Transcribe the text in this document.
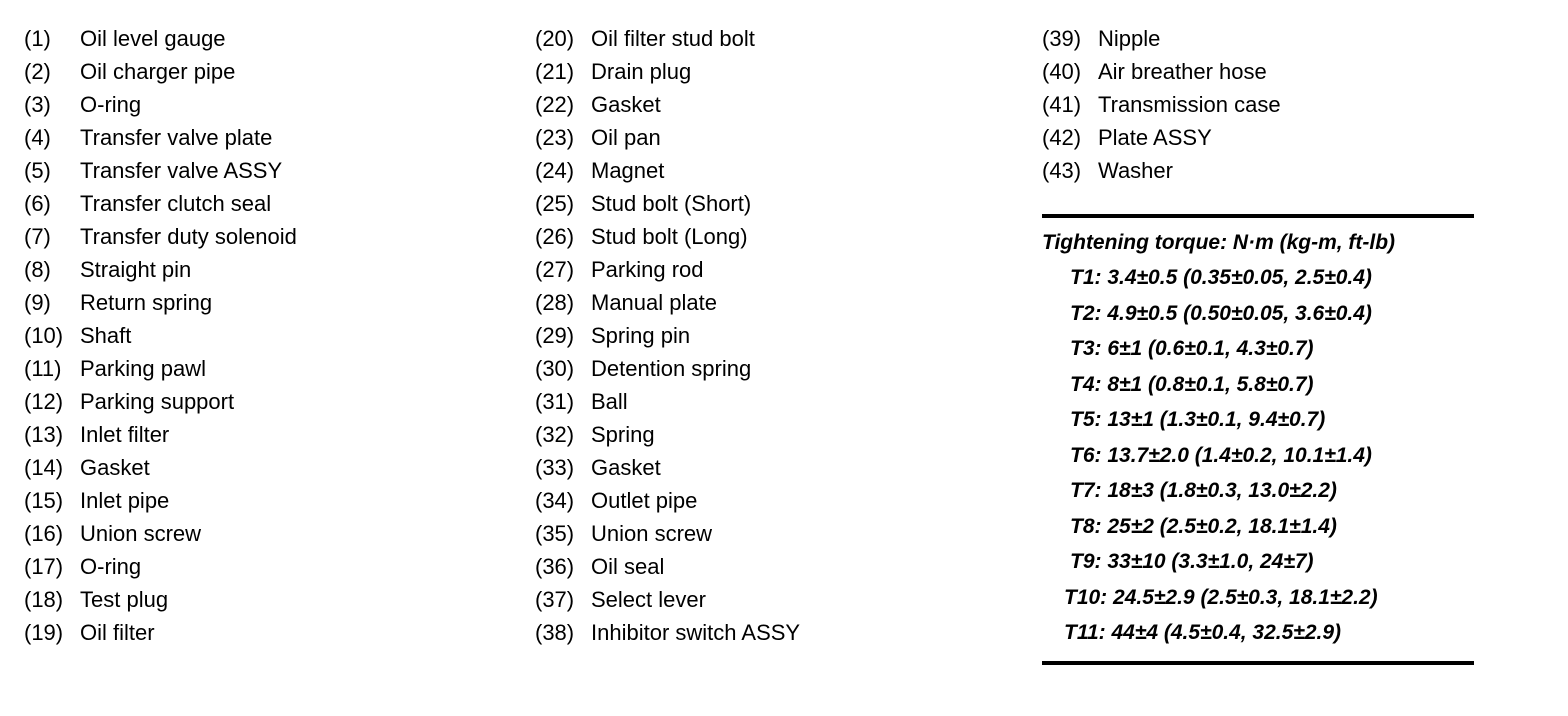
(1)	Oil level gauge
(2)	Oil charger pipe
(3)	O-ring
(4)	Transfer valve plate
(5)	Transfer valve ASSY
(6)	Transfer clutch seal
(7)	Transfer duty solenoid
(8)	Straight pin
(9)	Return spring
(10) Shaft
(11) Parking pawl
(12) Parking support
(13) Inlet filter
(14) Gasket
(15) Inlet pipe
(16) Union screw
(17) O-ring
(18) Test plug
(19) Oil filter
(20) Oil filter stud bolt
(21) Drain plug
(22) Gasket
(23) Oil pan
(24) Magnet
(25) Stud bolt (Short)
(26) Stud bolt (Long)
(27) Parking rod
(28) Manual plate
(29) Spring pin
(30) Detention spring
(31) Ball
(32) Spring
(33) Gasket
(34) Outlet pipe
(35) Union screw
(36) Oil seal
(37) Select lever
(38) Inhibitor switch ASSY
(39) Nipple
(40) Air breather hose
(41) Transmission case
(42) Plate ASSY
(43) Washer
Tightening torque: N·m (kg-m, ft-lb)
T1: 3.4±0.5 (0.35±0.05, 2.5±0.4)
T2: 4.9±0.5 (0.50±0.05, 3.6±0.4)
T3: 6±1 (0.6±0.1, 4.3±0.7)
T4: 8±1 (0.8±0.1, 5.8±0.7)
T5: 13±1 (1.3±0.1, 9.4±0.7)
T6: 13.7±2.0 (1.4±0.2, 10.1±1.4)
T7: 18±3 (1.8±0.3, 13.0±2.2)
T8: 25±2 (2.5±0.2, 18.1±1.4)
T9: 33±10 (3.3±1.0, 24±7)
T10: 24.5±2.9 (2.5±0.3, 18.1±2.2)
T11: 44±4 (4.5±0.4, 32.5±2.9)
